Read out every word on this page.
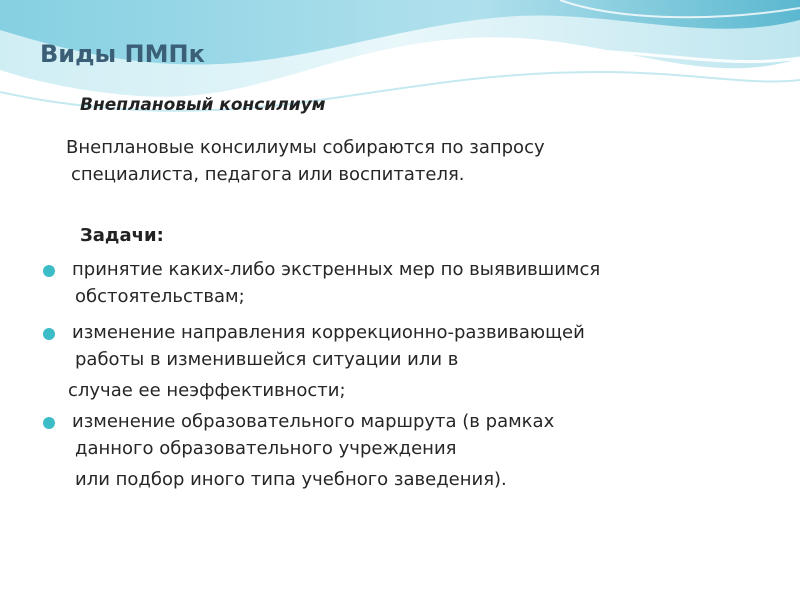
Виды ПМПк
Внеплановый консилиум
Внеплановые консилиумы собираются по запросу
специалиста, педагога или воспитателя.
Задачи:
принятие каких-либо экстренных мер по выявившимся
обстоятельствам;
изменение направления коррекционно-развивающей
работы в изменившейся ситуации или в
случае ее неэффективности;
изменение образовательного маршрута (в рамках
данного образовательного учреждения
или подбор иного типа учебного заведения).
